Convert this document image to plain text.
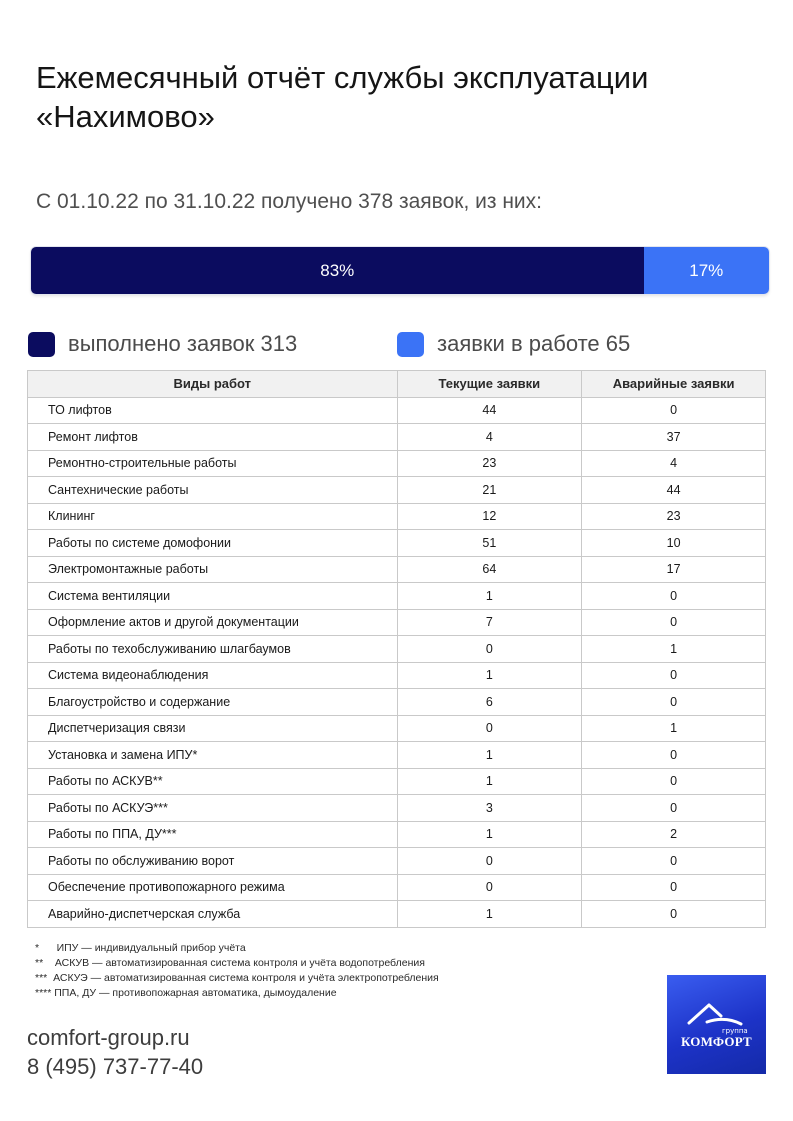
Ежемесячный отчёт службы эксплуатации «Нахимово»

С 01.10.22 по 31.10.22 получено 378 заявок, из них:

83%	17%
выполнено заявок 313	заявки в работе 65
Виды работ	Текущие заявки	Аварийные заявки
ТО лифтов	44	0
Ремонт лифтов	4	37
Ремонтно-строительные работы	23	4
Сантехнические работы	21	44
Клининг	12	23
Работы по системе домофонии	51	10
Электромонтажные работы	64	17
Система вентиляции	1	0
Оформление актов и другой документации	7	0
Работы по техобслуживанию шлагбаумов	0	1
Система видеонаблюдения	1	0
Благоустройство и содержание	6	0
Диспетчеризация связи	0	1
Установка и замена ИПУ*	1	0
Работы по АСКУВ**	1	0
Работы по АСКУЭ***	3	0
Работы по ППА, ДУ***	1	2
Работы по обслуживанию ворот	0	0
Обеспечение противопожарного режима	0	0
Аварийно-диспетчерская служба	1	0
*      ИПУ — индивидуальный прибор учёта
**    АСКУВ — автоматизированная система контроля и учёта водопотребления
***  АСКУЭ — автоматизированная система контроля и учёта электропотребления
**** ППА, ДУ — противопожарная автоматика, дымоудаление
comfort-group.ru
8 (495) 737-77-40
группа
КОМФОРТ
